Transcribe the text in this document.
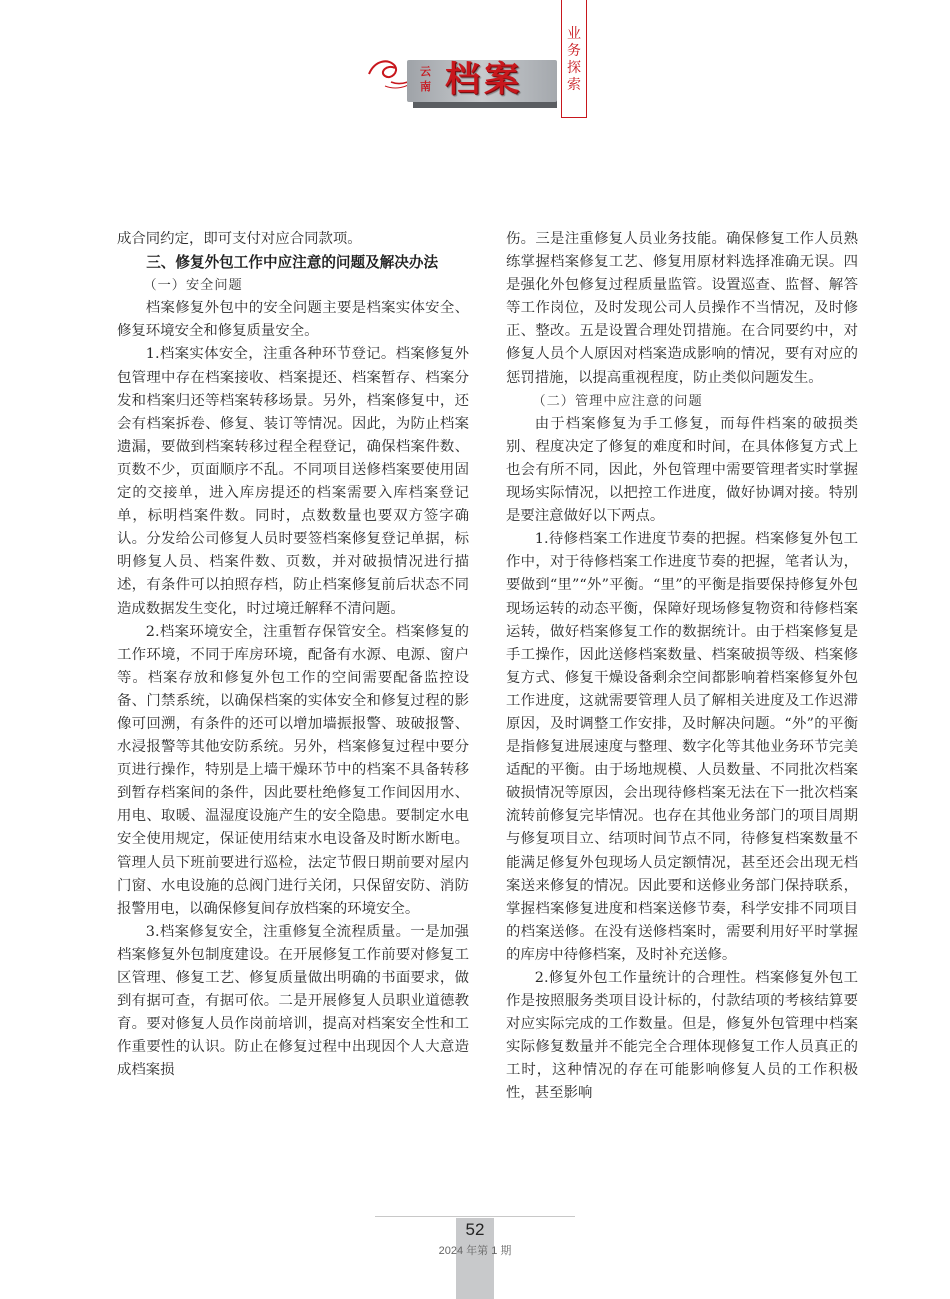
云
南 档案
业务探索

成合同约定，即可支付对应合同款项。

三、修复外包工作中应注意的问题及解决办法
（一）安全问题

档案修复外包中的安全问题主要是档案实体安全、修复环境安全和修复质量安全。

1.档案实体安全，注重各种环节登记。档案修复外包管理中存在档案接收、档案提还、档案暂存、档案分发和档案归还等档案转移场景。另外，档案修复中，还会有档案拆卷、修复、装订等情况。因此，为防止档案遗漏，要做到档案转移过程全程登记，确保档案件数、页数不少，页面顺序不乱。不同项目送修档案要使用固定的交接单，进入库房提还的档案需要入库档案登记单，标明档案件数。同时，点数数量也要双方签字确认。分发给公司修复人员时要签档案修复登记单据，标明修复人员、档案件数、页数，并对破损情况进行描述，有条件可以拍照存档，防止档案修复前后状态不同造成数据发生变化，时过境迁解释不清问题。

2.档案环境安全，注重暂存保管安全。档案修复的工作环境，不同于库房环境，配备有水源、电源、窗户等。档案存放和修复外包工作的空间需要配备监控设备、门禁系统，以确保档案的实体安全和修复过程的影像可回溯，有条件的还可以增加墙振报警、玻破报警、水浸报警等其他安防系统。另外，档案修复过程中要分页进行操作，特别是上墙干燥环节中的档案不具备转移到暂存档案间的条件，因此要杜绝修复工作间因用水、用电、取暖、温湿度设施产生的安全隐患。要制定水电安全使用规定，保证使用结束水电设备及时断水断电。管理人员下班前要进行巡检，法定节假日期前要对屋内门窗、水电设施的总阀门进行关闭，只保留安防、消防报警用电，以确保修复间存放档案的环境安全。

3.档案修复安全，注重修复全流程质量。一是加强档案修复外包制度建设。在开展修复工作前要对修复工区管理、修复工艺、修复质量做出明确的书面要求，做到有据可查，有据可依。二是开展修复人员职业道德教育。要对修复人员作岗前培训，提高对档案安全性和工作重要性的认识。防止在修复过程中出现因个人大意造成档案损

伤。三是注重修复人员业务技能。确保修复工作人员熟练掌握档案修复工艺、修复用原材料选择准确无误。四是强化外包修复过程质量监管。设置巡查、监督、解答等工作岗位，及时发现公司人员操作不当情况，及时修正、整改。五是设置合理处罚措施。在合同要约中，对修复人员个人原因对档案造成影响的情况，要有对应的惩罚措施，以提高重视程度，防止类似问题发生。

（二）管理中应注意的问题

由于档案修复为手工修复，而每件档案的破损类别、程度决定了修复的难度和时间，在具体修复方式上也会有所不同，因此，外包管理中需要管理者实时掌握现场实际情况，以把控工作进度，做好协调对接。特别是要注意做好以下两点。

1.待修档案工作进度节奏的把握。档案修复外包工作中，对于待修档案工作进度节奏的把握，笔者认为，要做到“里”“外”平衡。“里”的平衡是指要保持修复外包现场运转的动态平衡，保障好现场修复物资和待修档案运转，做好档案修复工作的数据统计。由于档案修复是手工操作，因此送修档案数量、档案破损等级、档案修复方式、修复干燥设备剩余空间都影响着档案修复外包工作进度，这就需要管理人员了解相关进度及工作迟滞原因，及时调整工作安排，及时解决问题。“外”的平衡是指修复进展速度与整理、数字化等其他业务环节完美适配的平衡。由于场地规模、人员数量、不同批次档案破损情况等原因，会出现待修档案无法在下一批次档案流转前修复完毕情况。也存在其他业务部门的项目周期与修复项目立、结项时间节点不同，待修复档案数量不能满足修复外包现场人员定额情况，甚至还会出现无档案送来修复的情况。因此要和送修业务部门保持联系，掌握档案修复进度和档案送修节奏，科学安排不同项目的档案送修。在没有送修档案时，需要利用好平时掌握的库房中待修档案，及时补充送修。

2.修复外包工作量统计的合理性。档案修复外包工作是按照服务类项目设计标的，付款结项的考核结算要对应实际完成的工作数量。但是，修复外包管理中档案实际修复数量并不能完全合理体现修复工作人员真正的工时，这种情况的存在可能影响修复人员的工作积极性，甚至影响

52
2024 年第 1 期
